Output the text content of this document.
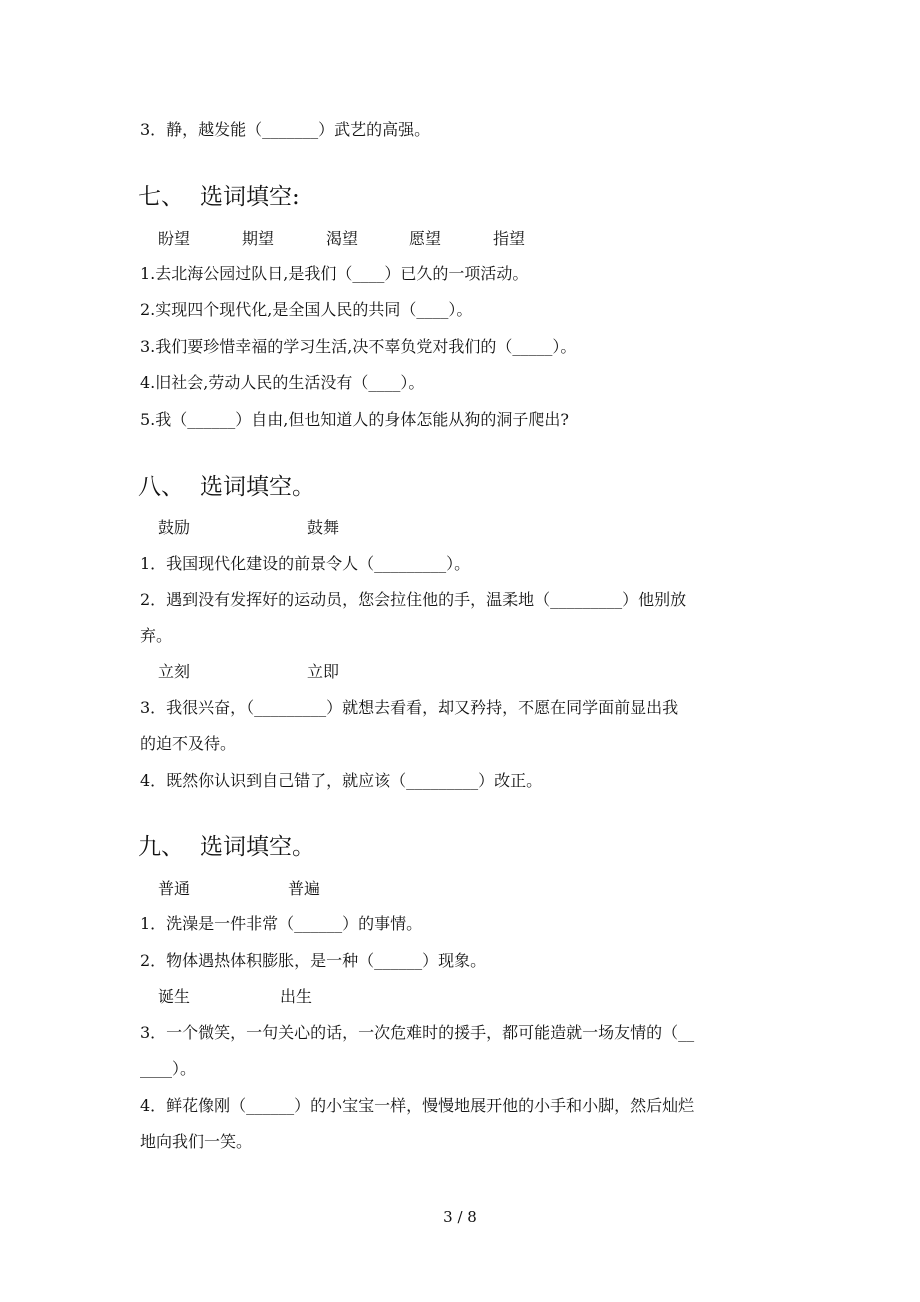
3．静，越发能（_______）武艺的高强。
七、 选词填空:
盼望	期望	渴望	愿望	指望
1.去北海公园过队日,是我们（____）已久的一项活动。
2.实现四个现代化,是全国人民的共同（____）。
3.我们要珍惜幸福的学习生活,决不辜负党对我们的（_____）。
4.旧社会,劳动人民的生活没有（____）。
5.我（______）自由,但也知道人的身体怎能从狗的洞子爬出?
八、 选词填空。
鼓励	鼓舞
1．我国现代化建设的前景令人（_________）。
2．遇到没有发挥好的运动员，您会拉住他的手，温柔地（_________）他别放
弃。
立刻	立即
3．我很兴奋，（_________）就想去看看，却又矜持，不愿在同学面前显出我
的迫不及待。
4．既然你认识到自己错了，就应该（_________）改正。
九、 选词填空。
普通	普遍
1．洗澡是一件非常（______）的事情。
2．物体遇热体积膨胀，是一种（______）现象。
诞生	出生
3．一个微笑，一句关心的话，一次危难时的援手，都可能造就一场友情的（__
____）。
4．鲜花像刚（______）的小宝宝一样，慢慢地展开他的小手和小脚，然后灿烂
地向我们一笑。
3 / 8
